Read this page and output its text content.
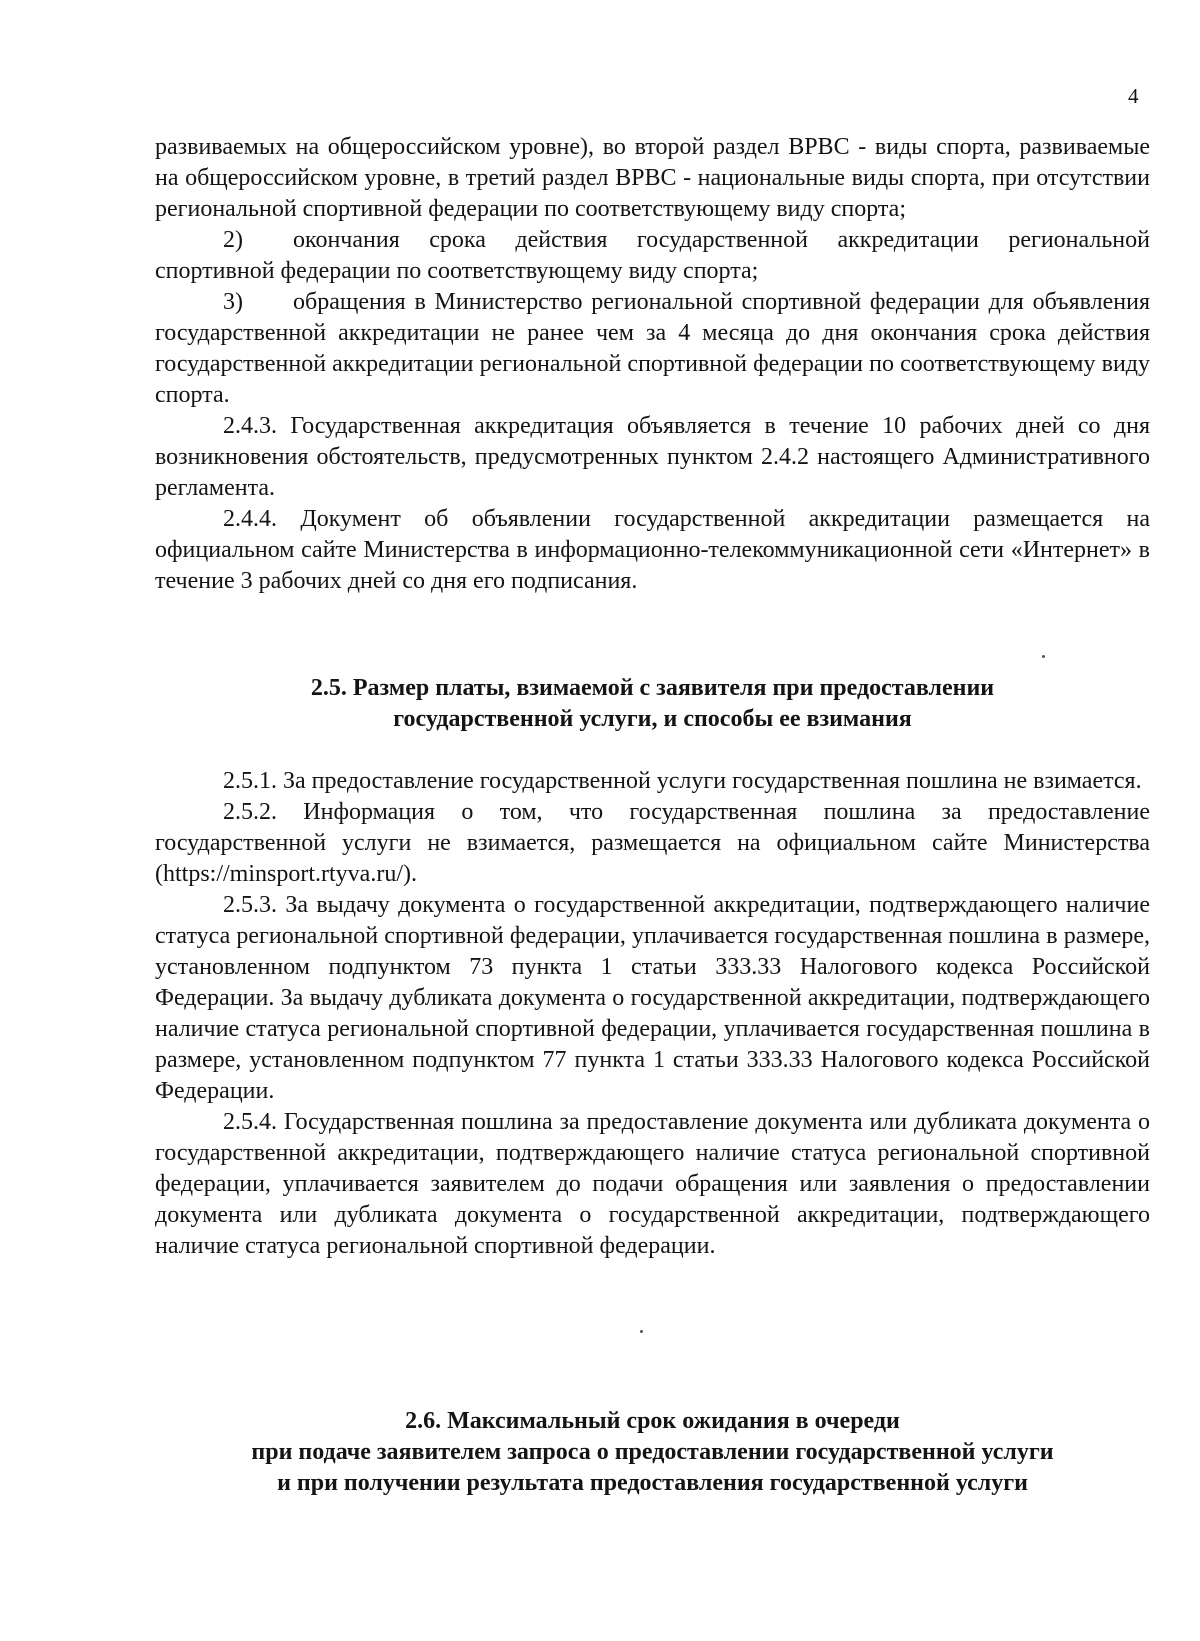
4

развиваемых на общероссийском уровне), во второй раздел ВРВС - виды спорта, развиваемые на общероссийском уровне, в третий раздел ВРВС - национальные виды спорта, при отсутствии региональной спортивной федерации по соответствующему виду спорта;

2) окончания срока действия государственной аккредитации региональной спортивной федерации по соответствующему виду спорта;

3) обращения в Министерство региональной спортивной федерации для объявления государственной аккредитации не ранее чем за 4 месяца до дня окончания срока действия государственной аккредитации региональной спортивной федерации по соответствующему виду спорта.

2.4.3. Государственная аккредитация объявляется в течение 10 рабочих дней со дня возникновения обстоятельств, предусмотренных пунктом 2.4.2 настоящего Административного регламента.

2.4.4. Документ об объявлении государственной аккредитации размещается на официальном сайте Министерства в информационно-телекоммуникационной сети «Интернет» в течение 3 рабочих дней со дня его подписания.

2.5. Размер платы, взимаемой с заявителя при предоставлении
государственной услуги, и способы ее взимания

2.5.1. За предоставление государственной услуги государственная пошлина не взимается.

2.5.2. Информация о том, что государственная пошлина за предоставление государственной услуги не взимается, размещается на официальном сайте Министерства (https://minsport.rtyva.ru/).

2.5.3. За выдачу документа о государственной аккредитации, подтверждающего наличие статуса региональной спортивной федерации, уплачивается государственная пошлина в размере, установленном подпунктом 73 пункта 1 статьи 333.33 Налогового кодекса Российской Федерации. За выдачу дубликата документа о государственной аккредитации, подтверждающего наличие статуса региональной спортивной федерации, уплачивается государственная пошлина в размере, установленном подпунктом 77 пункта 1 статьи 333.33 Налогового кодекса Российской Федерации.

2.5.4. Государственная пошлина за предоставление документа или дубликата документа о государственной аккредитации, подтверждающего наличие статуса региональной спортивной федерации, уплачивается заявителем до подачи обращения или заявления о предоставлении документа или дубликата документа о государственной аккредитации, подтверждающего наличие статуса региональной спортивной федерации.

2.6. Максимальный срок ожидания в очереди
при подаче заявителем запроса о предоставлении государственной услуги
и при получении результата предоставления государственной услуги
